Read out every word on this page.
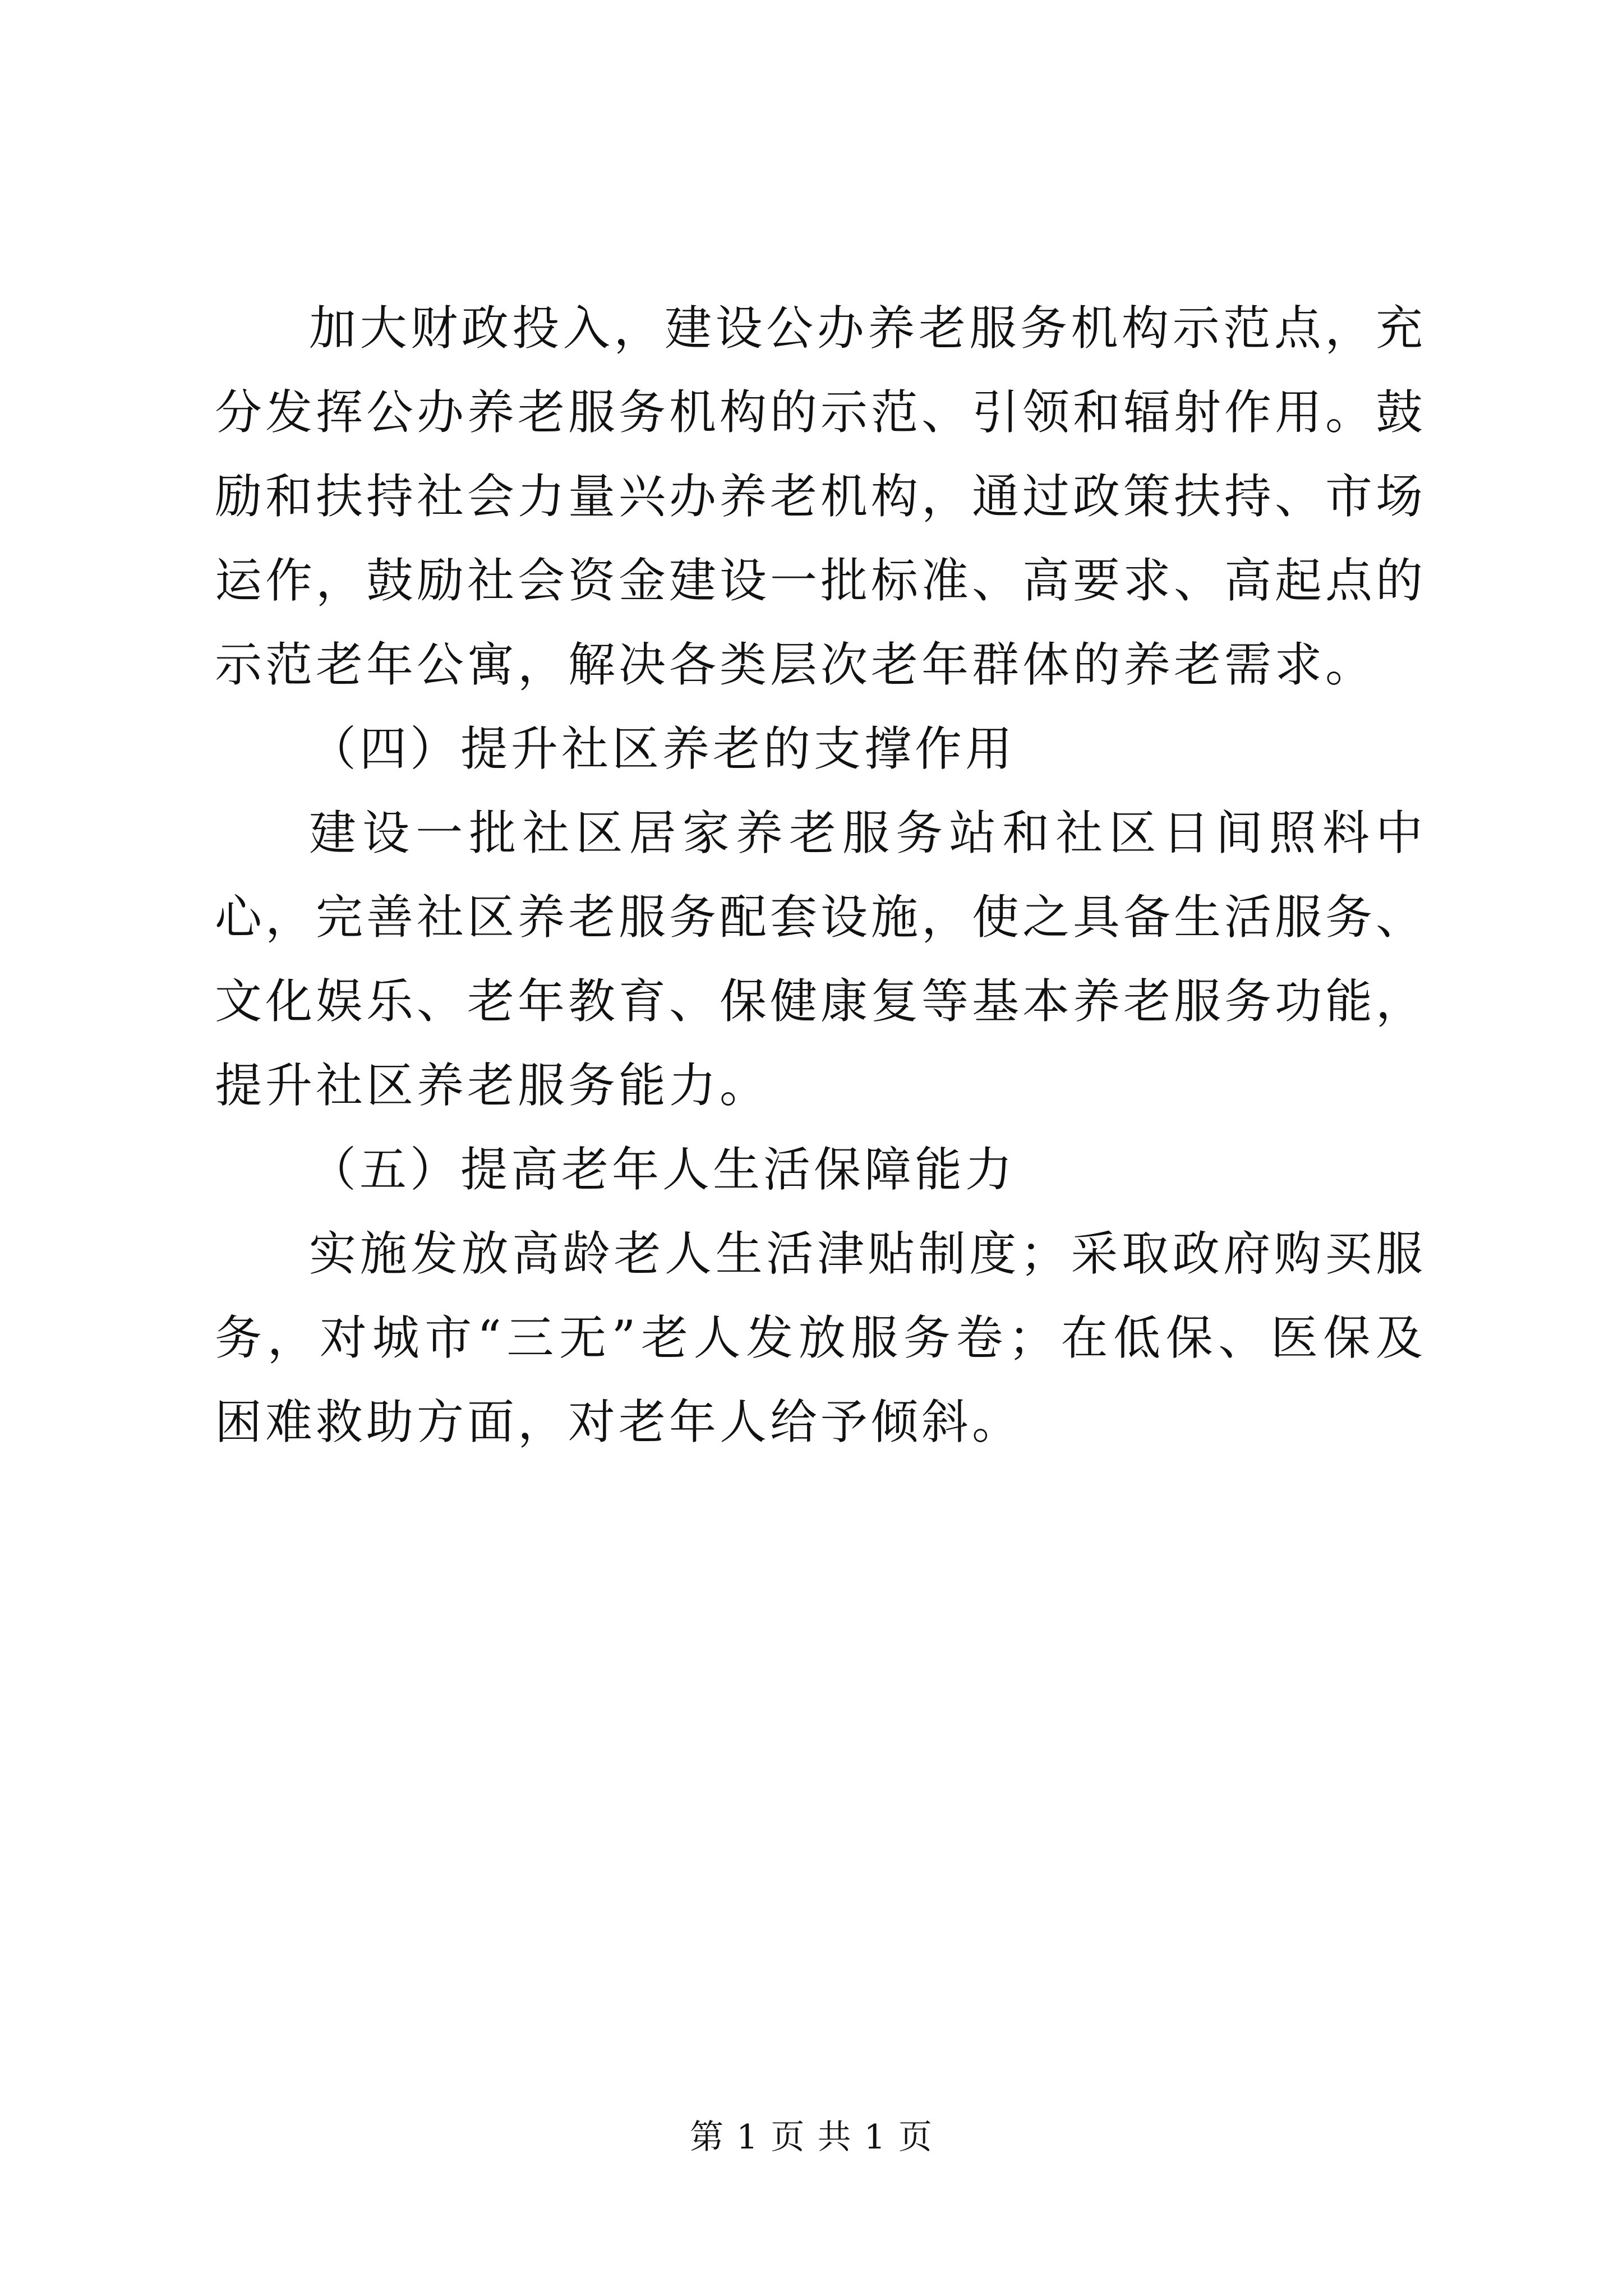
加大财政投入，建设公办养老服务机构示范点，充分发挥公办养老服务机构的示范、引领和辐射作用。鼓励和扶持社会力量兴办养老机构，通过政策扶持、市场运作，鼓励社会资金建设一批标准、高要求、高起点的示范老年公寓，解决各类层次老年群体的养老需求。

（四）提升社区养老的支撑作用

建设一批社区居家养老服务站和社区日间照料中心，完善社区养老服务配套设施，使之具备生活服务、文化娱乐、老年教育、保健康复等基本养老服务功能，提升社区养老服务能力。

（五）提高老年人生活保障能力

实施发放高龄老人生活津贴制度；采取政府购买服务，对城市“三无”老人发放服务卷；在低保、医保及困难救助方面，对老年人给予倾斜。

第 1 页 共 1 页
